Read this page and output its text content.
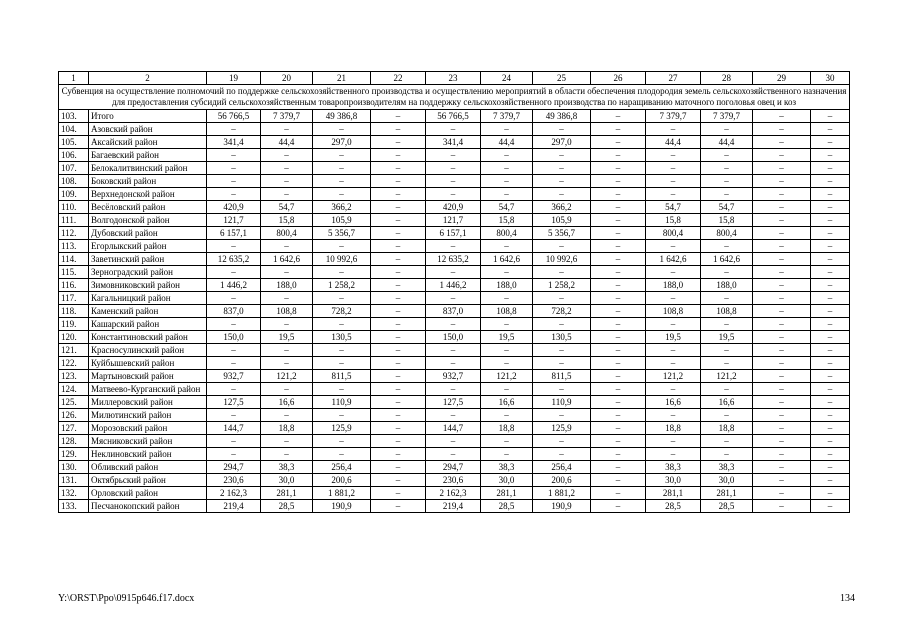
1	2	19	20	21	22	23	24	25	26	27	28	29	30
Субвенция на осуществление полномочий по поддержке сельскохозяйственного производства и осуществлению мероприятий в области обеспечения плодородия земель сельскохозяйственного назначения для предоставления субсидий сельскохозяйственным товаропроизводителям на поддержку сельскохозяйственного производства по наращиванию маточного поголовья овец и коз													
103.	Итого	56 766,5	7 379,7	49 386,8	–	56 766,5	7 379,7	49 386,8	–	7 379,7	7 379,7	–	–
104.	Азовский район	–	–	–	–	–	–	–	–	–	–	–	–
105.	Аксайский район	341,4	44,4	297,0	–	341,4	44,4	297,0	–	44,4	44,4	–	–
106.	Багаевский район	–	–	–	–	–	–	–	–	–	–	–	–
107.	Белокалитвинский район	–	–	–	–	–	–	–	–	–	–	–	–
108.	Боковский район	–	–	–	–	–	–	–	–	–	–	–	–
109.	Верхнедонской район	–	–	–	–	–	–	–	–	–	–	–	–
110.	Весёловский район	420,9	54,7	366,2	–	420,9	54,7	366,2	–	54,7	54,7	–	–
111.	Волгодонской район	121,7	15,8	105,9	–	121,7	15,8	105,9	–	15,8	15,8	–	–
112.	Дубовский район	6 157,1	800,4	5 356,7	–	6 157,1	800,4	5 356,7	–	800,4	800,4	–	–
113.	Егорлыкский район	–	–	–	–	–	–	–	–	–	–	–	–
114.	Заветинский район	12 635,2	1 642,6	10 992,6	–	12 635,2	1 642,6	10 992,6	–	1 642,6	1 642,6	–	–
115.	Зерноградский район	–	–	–	–	–	–	–	–	–	–	–	–
116.	Зимовниковский район	1 446,2	188,0	1 258,2	–	1 446,2	188,0	1 258,2	–	188,0	188,0	–	–
117.	Кагальницкий район	–	–	–	–	–	–	–	–	–	–	–	–
118.	Каменский район	837,0	108,8	728,2	–	837,0	108,8	728,2	–	108,8	108,8	–	–
119.	Кашарский район	–	–	–	–	–	–	–	–	–	–	–	–
120.	Константиновский район	150,0	19,5	130,5	–	150,0	19,5	130,5	–	19,5	19,5	–	–
121.	Красносулинский район	–	–	–	–	–	–	–	–	–	–	–	–
122.	Куйбышевский район	–	–	–	–	–	–	–	–	–	–	–	–
123.	Мартыновский район	932,7	121,2	811,5	–	932,7	121,2	811,5	–	121,2	121,2	–	–
124.	Матвеево-Курганский район	–	–	–	–	–	–	–	–	–	–	–	–
125.	Миллеровский район	127,5	16,6	110,9	–	127,5	16,6	110,9	–	16,6	16,6	–	–
126.	Милютинский район	–	–	–	–	–	–	–	–	–	–	–	–
127.	Морозовский район	144,7	18,8	125,9	–	144,7	18,8	125,9	–	18,8	18,8	–	–
128.	Мясниковский район	–	–	–	–	–	–	–	–	–	–	–	–
129.	Неклиновский район	–	–	–	–	–	–	–	–	–	–	–	–
130.	Обливский район	294,7	38,3	256,4	–	294,7	38,3	256,4	–	38,3	38,3	–	–
131.	Октябрьский район	230,6	30,0	200,6	–	230,6	30,0	200,6	–	30,0	30,0	–	–
132.	Орловский район	2 162,3	281,1	1 881,2	–	2 162,3	281,1	1 881,2	–	281,1	281,1	–	–
133.	Песчанокопский район	219,4	28,5	190,9	–	219,4	28,5	190,9	–	28,5	28,5	–	–
Y:\ORST\Ppo\0915p646.f17.docx	134
